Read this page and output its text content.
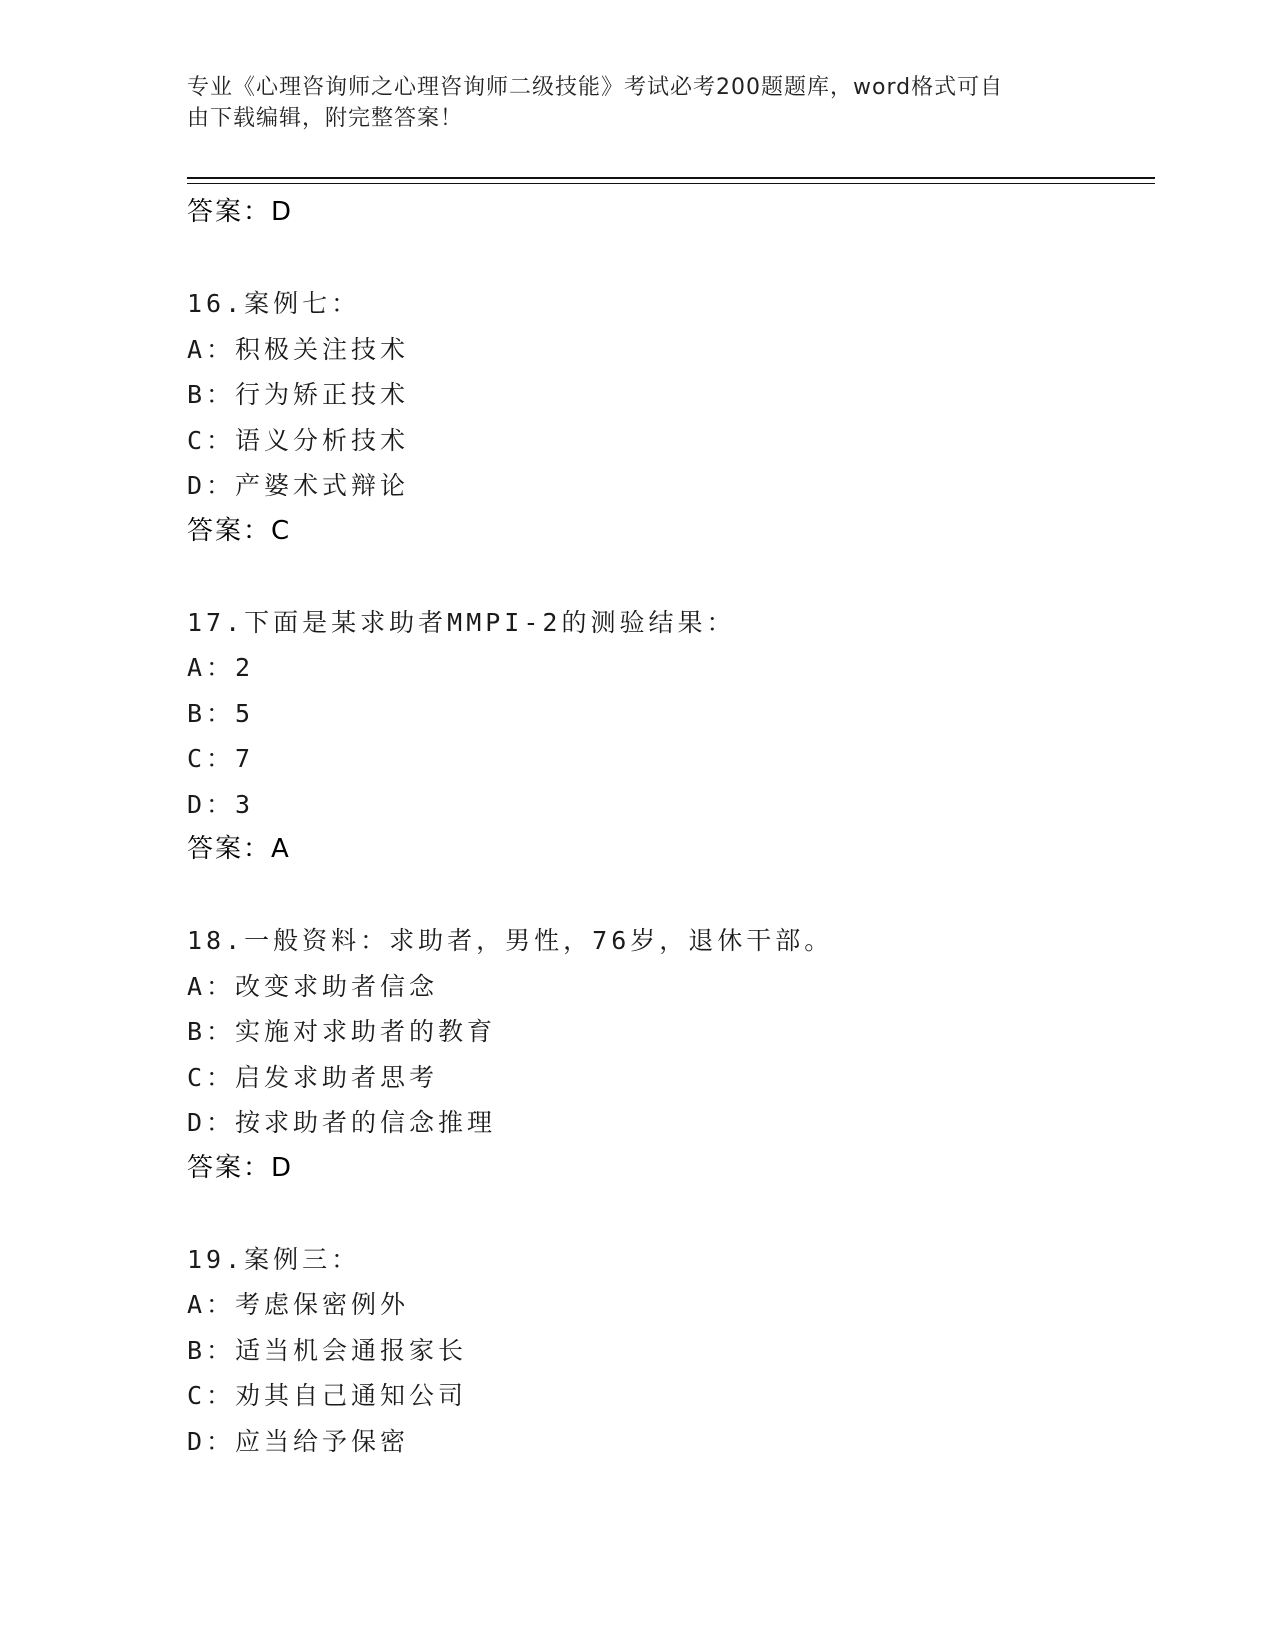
专业《心理咨询师之心理咨询师二级技能》考试必考200题题库，word格式可自
由下载编辑，附完整答案！
答案：D
16.案例七：
A：积极关注技术
B：行为矫正技术
C：语义分析技术
D：产婆术式辩论
答案：C
17.下面是某求助者MMPI-2的测验结果：
A：2
B：5
C：7
D：3
答案：A
18.一般资料：求助者，男性，76岁，退休干部。
A：改变求助者信念
B：实施对求助者的教育
C：启发求助者思考
D：按求助者的信念推理
答案：D
19.案例三：
A：考虑保密例外
B：适当机会通报家长
C：劝其自己通知公司
D：应当给予保密
